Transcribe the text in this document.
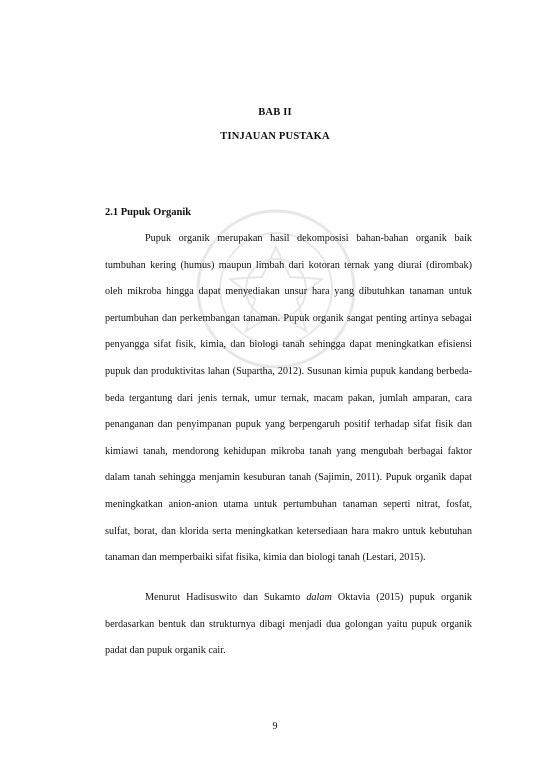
BAB II
TINJAUAN PUSTAKA
2.1 Pupuk Organik

Pupuk organik merupakan hasil dekomposisi bahan-bahan organik baik tumbuhan kering (humus) maupun limbah dari kotoran ternak yang diurai (dirombak) oleh mikroba hingga dapat menyediakan unsur hara yang dibutuhkan tanaman untuk pertumbuhan dan perkembangan tanaman. Pupuk organik sangat penting artinya sebagai penyangga sifat fisik, kimia, dan biologi tanah sehingga dapat meningkatkan efisiensi pupuk dan produktivitas lahan (Supartha, 2012). Susunan kimia pupuk kandang berbeda-beda tergantung dari jenis ternak, umur ternak, macam pakan, jumlah amparan, cara penanganan dan penyimpanan pupuk yang berpengaruh positif terhadap sifat fisik dan kimiawi tanah, mendorong kehidupan mikroba tanah yang mengubah berbagai faktor dalam tanah sehingga menjamin kesuburan tanah (Sajimin, 2011). Pupuk organik dapat meningkatkan anion-anion utama untuk pertumbuhan tanaman seperti nitrat, fosfat, sulfat, borat, dan klorida serta meningkatkan ketersediaan hara makro untuk kebutuhan tanaman dan memperbaiki sifat fisika, kimia dan biologi tanah (Lestari, 2015).

Menurut Hadisuswito dan Sukamto dalam Oktavia (2015) pupuk organik berdasarkan bentuk dan strukturnya dibagi menjadi dua golongan yaitu pupuk organik padat dan pupuk organik cair.

9
